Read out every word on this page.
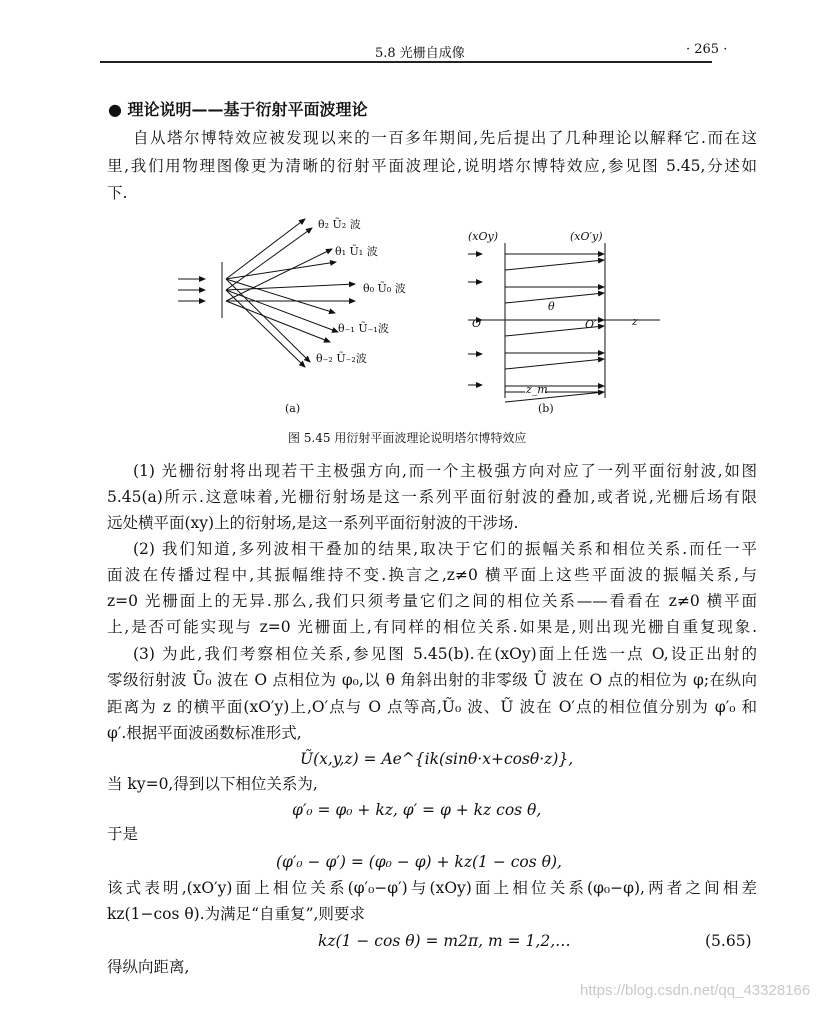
5.8 光栅自成像	· 265 ·
● 理论说明——基于衍射平面波理论
自从塔尔博特效应被发现以来的一百多年期间,先后提出了几种理论以解释它.而在这
里,我们用物理图像更为清晰的衍射平面波理论,说明塔尔博特效应,参见图 5.45,分述如
下.
θ₂ Ũ₂ 波
θ₁ Ũ₁ 波
θ₀ Ũ₀ 波
θ₋₁ Ũ₋₁波
θ₋₂ Ũ₋₂波
(a)
(xOy)	(xO′y)
θ
O	O′	z
z_m
(b)
图 5.45 用衍射平面波理论说明塔尔博特效应
(1) 光栅衍射将出现若干主极强方向,而一个主极强方向对应了一列平面衍射波,如图
5.45(a)所示.这意味着,光栅衍射场是这一系列平面衍射波的叠加,或者说,光栅后场有限
远处横平面(xy)上的衍射场,是这一系列平面衍射波的干涉场.
(2) 我们知道,多列波相干叠加的结果,取决于它们的振幅关系和相位关系.而任一平
面波在传播过程中,其振幅维持不变.换言之,z≠0 横平面上这些平面波的振幅关系,与
z=0 光栅面上的无异.那么,我们只须考量它们之间的相位关系——看看在 z≠0 横平面
上,是否可能实现与 z=0 光栅面上,有同样的相位关系.如果是,则出现光栅自重复现象.
(3) 为此,我们考察相位关系,参见图 5.45(b).在(xOy)面上任选一点 O,设正出射的
零级衍射波 Ũ₀ 波在 O 点相位为 φ₀,以 θ 角斜出射的非零级 Ũ 波在 O 点的相位为 φ;在纵向
距离为 z 的横平面(xO′y)上,O′点与 O 点等高,Ũ₀ 波、Ũ 波在 O′点的相位值分别为 φ′₀ 和
φ′.根据平面波函数标准形式,
Ũ(x,y,z) = Ae^{ik(sinθ·x+cosθ·z)},
当 ky=0,得到以下相位关系为,
φ′₀ = φ₀ + kz, φ′ = φ + kz cos θ,
于是
(φ′₀ − φ′) = (φ₀ − φ) + kz(1 − cos θ),
该式表明,(xO′y)面上相位关系(φ′₀−φ′)与(xOy)面上相位关系(φ₀−φ),两者之间相差
kz(1−cos θ).为满足“自重复”,则要求
kz(1 − cos θ) = m2π, m = 1,2,…	(5.65)
得纵向距离,
https://blog.csdn.net/qq_43328166
